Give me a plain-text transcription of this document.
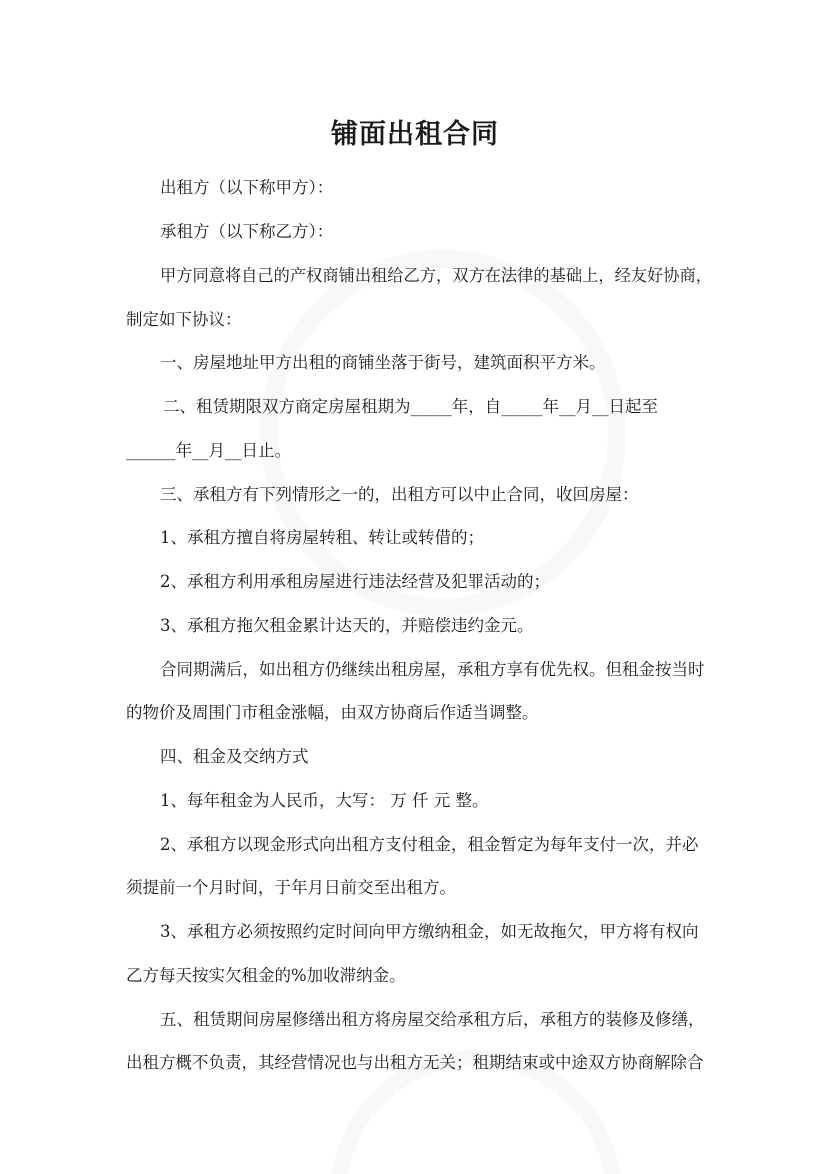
铺面出租合同
出租方（以下称甲方）：
承租方（以下称乙方）：
甲方同意将自己的产权商铺出租给乙方，双方在法律的基础上，经友好协商，
制定如下协议：
一、房屋地址甲方出租的商铺坐落于街号，建筑面积平方米。
二、租赁期限双方商定房屋租期为_____年，自_____年__月__日起至
______年__月__日止。
三、承租方有下列情形之一的，出租方可以中止合同，收回房屋：
1、承租方擅自将房屋转租、转让或转借的；
2、承租方利用承租房屋进行违法经营及犯罪活动的；
3、承租方拖欠租金累计达天的，并赔偿违约金元。
合同期满后，如出租方仍继续出租房屋，承租方享有优先权。但租金按当时
的物价及周围门市租金涨幅，由双方协商后作适当调整。
四、租金及交纳方式
1、每年租金为人民币，大写： 万 仟 元 整。
2、承租方以现金形式向出租方支付租金，租金暂定为每年支付一次，并必
须提前一个月时间，于年月日前交至出租方。
3、承租方必须按照约定时间向甲方缴纳租金，如无故拖欠，甲方将有权向
乙方每天按实欠租金的%加收滞纳金。
五、租赁期间房屋修缮出租方将房屋交给承租方后，承租方的装修及修缮，
出租方概不负责，其经营情况也与出租方无关；租期结束或中途双方协商解除合
